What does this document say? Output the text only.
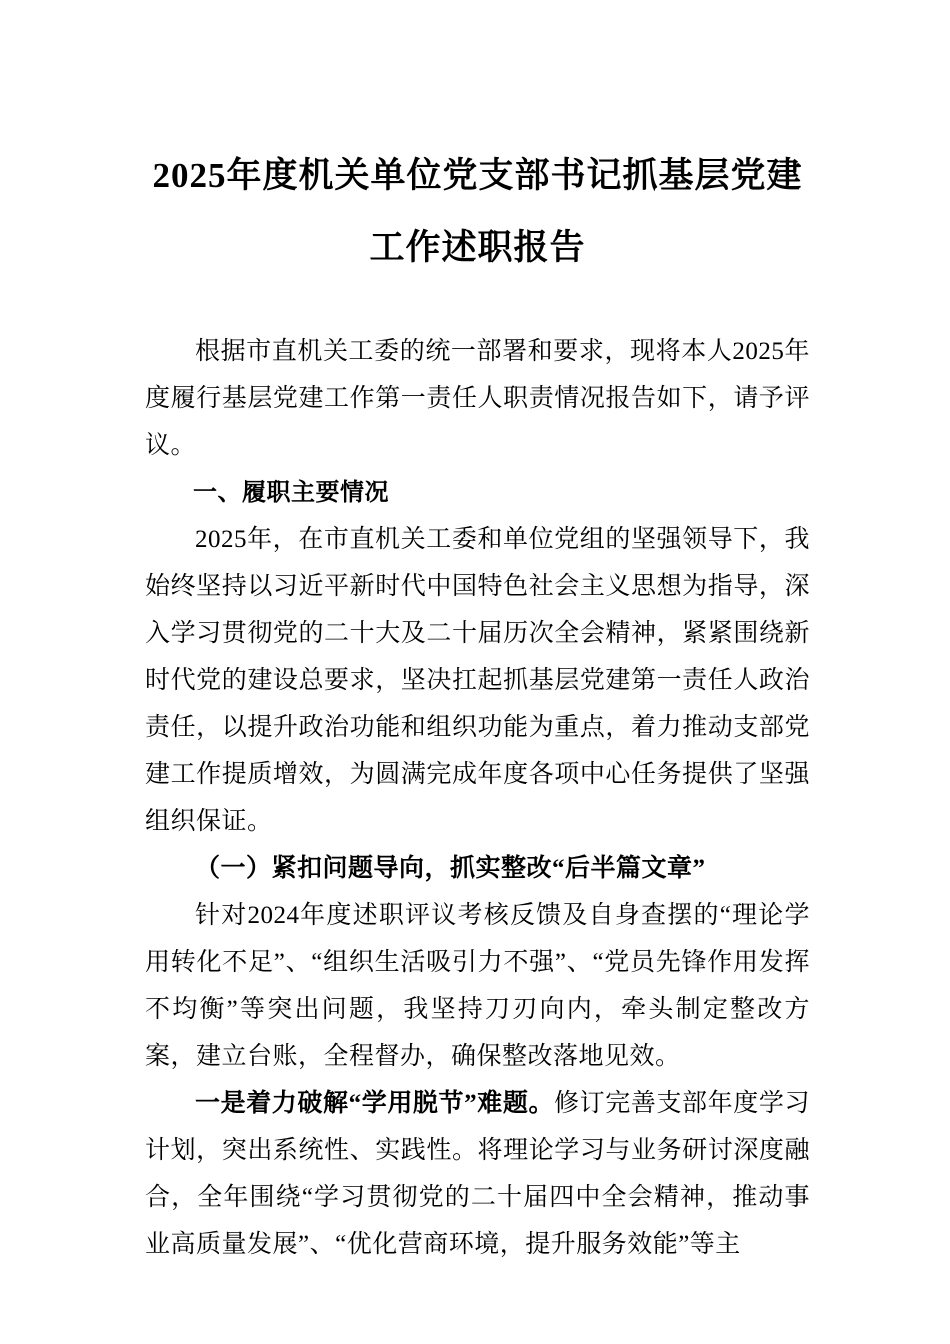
2025年度机关单位党支部书记抓基层党建
工作述职报告

根据市直机关工委的统一部署和要求，现将本人2025年度履行基层党建工作第一责任人职责情况报告如下，请予评议。

一、履职主要情况

2025年，在市直机关工委和单位党组的坚强领导下，我始终坚持以习近平新时代中国特色社会主义思想为指导，深入学习贯彻党的二十大及二十届历次全会精神，紧紧围绕新时代党的建设总要求，坚决扛起抓基层党建第一责任人政治责任，以提升政治功能和组织功能为重点，着力推动支部党建工作提质增效，为圆满完成年度各项中心任务提供了坚强组织保证。

（一）紧扣问题导向，抓实整改“后半篇文章”

针对2024年度述职评议考核反馈及自身查摆的“理论学用转化不足”、“组织生活吸引力不强”、“党员先锋作用发挥不均衡”等突出问题，我坚持刀刃向内，牵头制定整改方案，建立台账，全程督办，确保整改落地见效。

一是着力破解“学用脱节”难题。修订完善支部年度学习计划，突出系统性、实践性。将理论学习与业务研讨深度融合，全年围绕“学习贯彻党的二十届四中全会精神，推动事业高质量发展”、“优化营商环境，提升服务效能”等主
